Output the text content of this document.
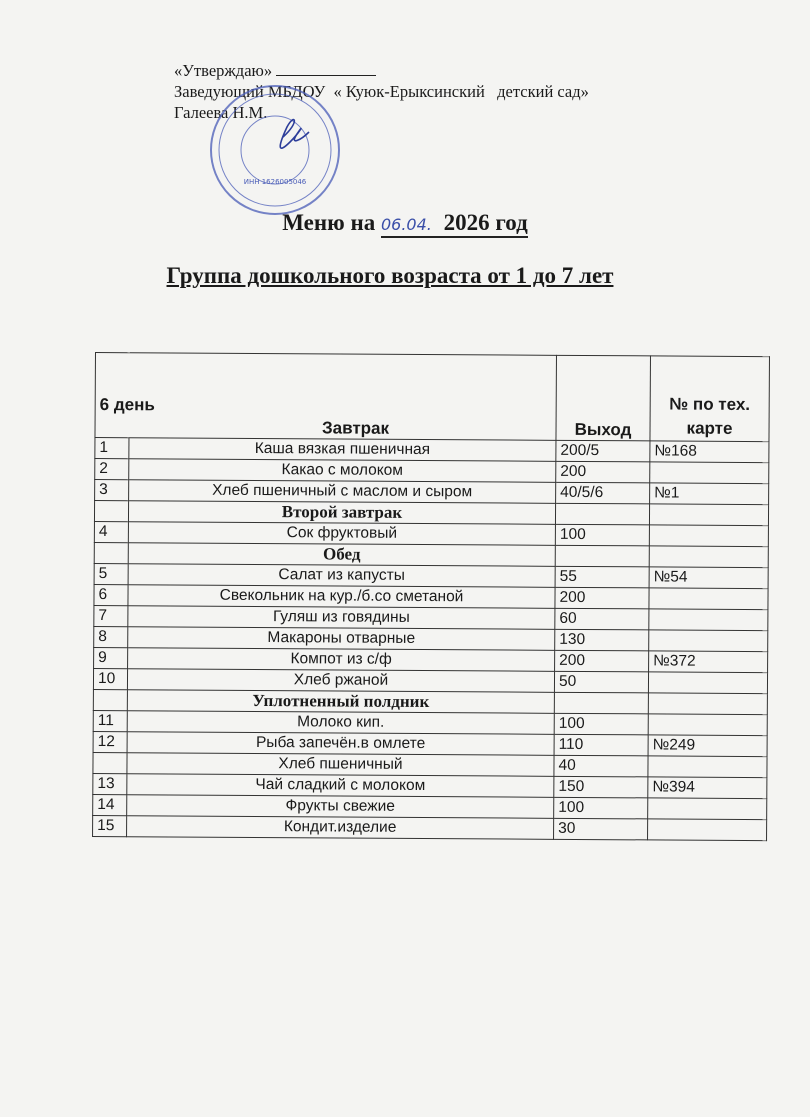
«Утверждаю»
Заведующий МБДОУ  « Куюк-Ерыксинский   детский сад»
Галеева Н.М.
ИНН 1626005046
Меню на 06.04. 2026 год
Группа дошкольного возраста от 1 до 7 лет
6 день
Завтрак		Выход	№ по тех. карте
1	Каша вязкая пшеничная	200/5	№168
2	Какао с молоком	200	
3	Хлеб пшеничный с маслом и сыром	40/5/6	№1
	Второй завтрак		
4	Сок фруктовый	100	
	Обед		
5	Салат из капусты	55	№54
6	Свекольник на кур./б.со сметаной	200	
7	Гуляш из говядины	60	
8	Макароны отварные	130	
9	Компот из с/ф	200	№372
10	Хлеб ржаной	50	
	Уплотненный полдник		
11	Молоко кип.	100	
12	Рыба запечён.в омлете	110	№249
	Хлеб пшеничный	40	
13	Чай сладкий с молоком	150	№394
14	Фрукты свежие	100	
15	Кондит.изделие	30	
